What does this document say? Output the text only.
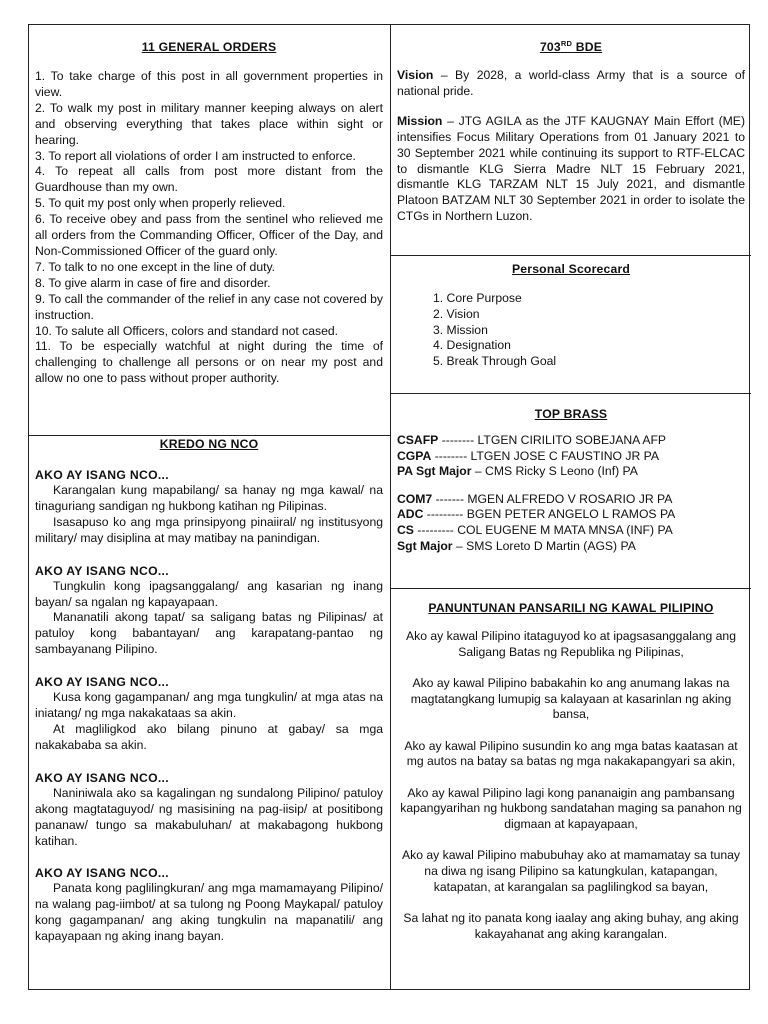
11 GENERAL ORDERS

1. To take charge of this post in all government properties in view.

2. To walk my post in military manner keeping always on alert and observing everything that takes place within sight or hearing.

3. To report all violations of order I am instructed to enforce.

4. To repeat all calls from post more distant from the Guardhouse than my own.

5. To quit my post only when properly relieved.

6. To receive obey and pass from the sentinel who relieved me all orders from the Commanding Officer, Officer of the Day, and Non-Commissioned Officer of the guard only.

7. To talk to no one except in the line of duty.

8. To give alarm in case of fire and disorder.

9. To call the commander of the relief in any case not covered by instruction.

10. To salute all Officers, colors and standard not cased.

11. To be especially watchful at night during the time of challenging to challenge all persons or on near my post and allow no one to pass without proper authority.

KREDO NG NCO

AKO AY ISANG NCO...

Karangalan kung mapabilang/ sa hanay ng mga kawal/ na tinaguriang sandigan ng hukbong katihan ng Pilipinas.

Isasapuso ko ang mga prinsipyong pinaiiral/ ng institusyong military/ may disiplina at may matibay na panindigan.

AKO AY ISANG NCO...

Tungkulin kong ipagsanggalang/ ang kasarian ng inang bayan/ sa ngalan ng kapayapaan.

Mananatili akong tapat/ sa saligang batas ng Pilipinas/ at patuloy kong babantayan/ ang karapatang-pantao ng sambayanang Pilipino.

AKO AY ISANG NCO...

Kusa kong gagampanan/ ang mga tungkulin/ at mga atas na iniatang/ ng mga nakakataas sa akin.

At magliligkod ako bilang pinuno at gabay/ sa mga nakakababa sa akin.

AKO AY ISANG NCO...

Naniniwala ako sa kagalingan ng sundalong Pilipino/ patuloy akong magtataguyod/ ng masisining na pag-iisip/ at positibong pananaw/ tungo sa makabuluhan/ at makabagong hukbong katihan.

AKO AY ISANG NCO...

Panata kong paglilingkuran/ ang mga mamamayang Pilipino/ na walang pag-iimbot/ at sa tulong ng Poong Maykapal/ patuloy kong gagampanan/ ang aking tungkulin na mapanatili/ ang kapayapaan ng aking inang bayan.

703RD BDE
Vision – By 2028, a world-class Army that is a source of national pride.
Mission – JTG AGILA as the JTF KAUGNAY Main Effort (ME) intensifies Focus Military Operations from 01 January 2021 to 30 September 2021 while continuing its support to RTF-ELCAC to dismantle KLG Sierra Madre NLT 15 February 2021, dismantle KLG TARZAM NLT 15 July 2021, and dismantle Platoon BATZAM NLT 30 September 2021 in order to isolate the CTGs in Northern Luzon.
Personal Scorecard
1. Core Purpose
2. Vision
3. Mission
4. Designation
5. Break Through Goal
TOP BRASS
CSAFP -------- LTGEN CIRILITO SOBEJANA AFP
CGPA -------- LTGEN JOSE C FAUSTINO JR PA
PA Sgt Major – CMS Ricky S Leono (Inf) PA
COM7 ------- MGEN ALFREDO V ROSARIO JR PA
ADC --------- BGEN PETER ANGELO L RAMOS PA
CS --------- COL EUGENE M MATA MNSA (INF) PA
Sgt Major – SMS Loreto D Martin (AGS) PA
PANUNTUNAN PANSARILI NG KAWAL PILIPINO

Ako ay kawal Pilipino itataguyod ko at ipagsasanggalang ang Saligang Batas ng Republika ng Pilipinas,

Ako ay kawal Pilipino babakahin ko ang anumang lakas na magtatangkang lumupig sa kalayaan at kasarinlan ng aking bansa,

Ako ay kawal Pilipino susundin ko ang mga batas kaatasan at mg autos na batay sa batas ng mga nakakapangyari sa akin,

Ako ay kawal Pilipino lagi kong pananaigin ang pambansang kapangyarihan ng hukbong sandatahan maging sa panahon ng digmaan at kapayapaan,

Ako ay kawal Pilipino mabubuhay ako at mamamatay sa tunay na diwa ng isang Pilipino sa katungkulan, katapangan, katapatan, at karangalan sa paglilingkod sa bayan,

Sa lahat ng ito panata kong iaalay ang aking buhay, ang aking kakayahanat ang aking karangalan.
